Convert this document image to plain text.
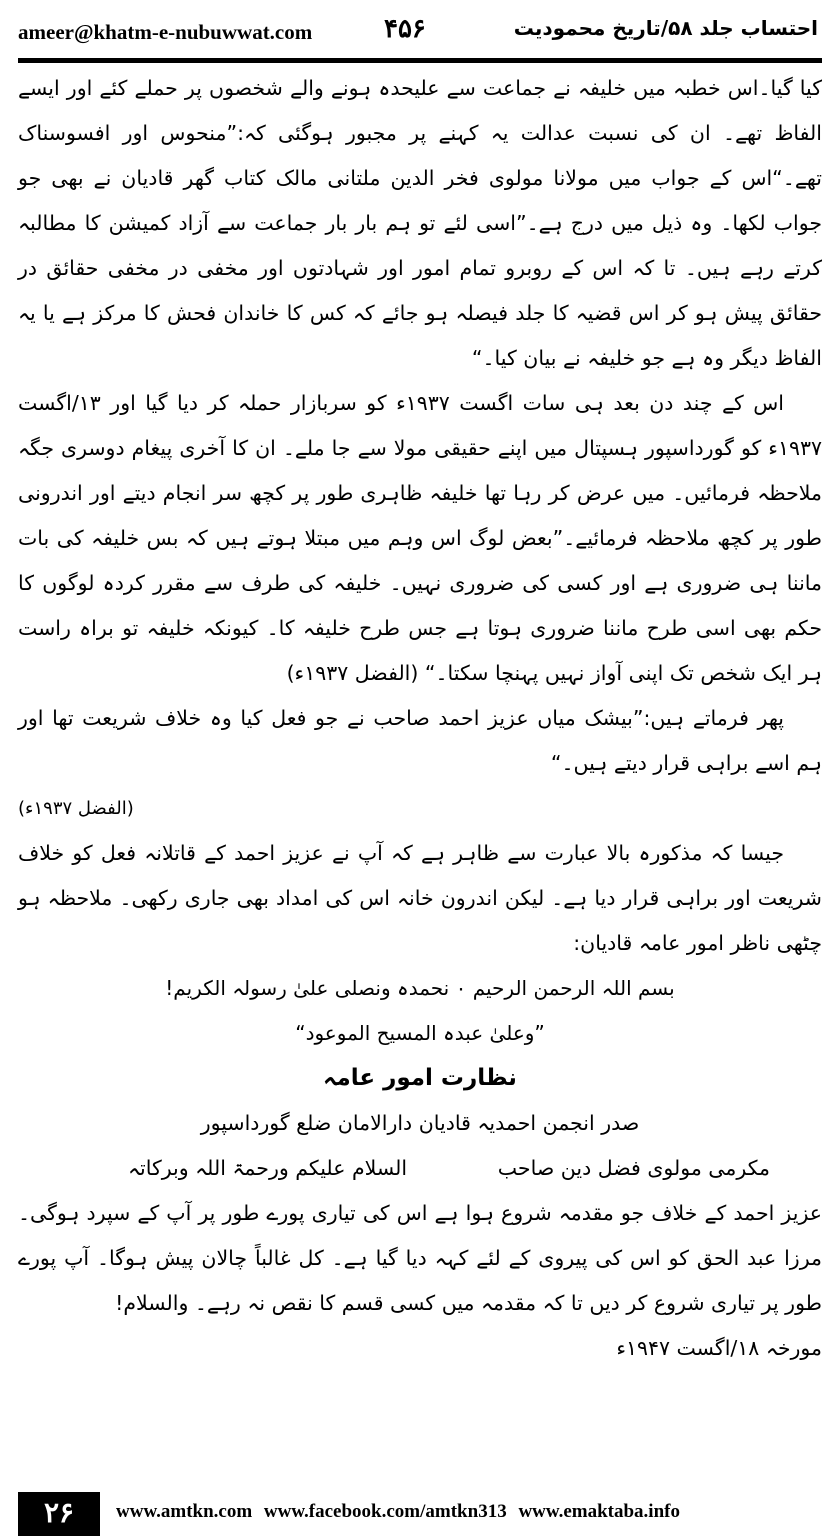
ameer@khatm-e-nubuwwat.com	۴۵۶	احتساب جلد ۵۸/تاریخ محمودیت

کیا گیا۔اس خطبہ میں خلیفہ نے جماعت سے علیحدہ ہونے والے شخصوں پر حملے کئے اور ایسے الفاظ تھے۔ ان کی نسبت عدالت یہ کہنے پر مجبور ہوگئی کہ:”منحوس اور افسوسناک تھے۔“اس کے جواب میں مولانا مولوی فخر الدین ملتانی مالک کتاب گھر قادیان نے بھی جو جواب لکھا۔ وہ ذیل میں درج ہے۔”اسی لئے تو ہم بار بار جماعت سے آزاد کمیشن کا مطالبہ کرتے رہے ہیں۔ تا کہ اس کے روبرو تمام امور اور شہادتوں اور مخفی در مخفی حقائق در حقائق پیش ہو کر اس قضیہ کا جلد فیصلہ ہو جائے کہ کس کا خاندان فحش کا مرکز ہے یا یہ الفاظ دیگر وہ ہے جو خلیفہ نے بیان کیا۔“

اس کے چند دن بعد ہی سات اگست ۱۹۳۷ء کو سربازار حملہ کر دیا گیا اور ۱۳/اگست ۱۹۳۷ء کو گورداسپور ہسپتال میں اپنے حقیقی مولا سے جا ملے۔ ان کا آخری پیغام دوسری جگہ ملاحظہ فرمائیں۔ میں عرض کر رہا تھا خلیفہ ظاہری طور پر کچھ سر انجام دیتے اور اندرونی طور پر کچھ ملاحظہ فرمائیے۔”بعض لوگ اس وہم میں مبتلا ہوتے ہیں کہ بس خلیفہ کی بات ماننا ہی ضروری ہے اور کسی کی ضروری نہیں۔ خلیفہ کی طرف سے مقرر کردہ لوگوں کا حکم بھی اسی طرح ماننا ضروری ہوتا ہے جس طرح خلیفہ کا۔ کیونکہ خلیفہ تو براہ راست ہر ایک شخص تک اپنی آواز نہیں پہنچا سکتا۔“ (الفضل ۱۹۳۷ء)

پھر فرماتے ہیں:”بیشک میاں عزیز احمد صاحب نے جو فعل کیا وہ خلاف شریعت تھا اور ہم اسے براہی قرار دیتے ہیں۔“

(الفضل ۱۹۳۷ء)

جیسا کہ مذکورہ بالا عبارت سے ظاہر ہے کہ آپ نے عزیز احمد کے قاتلانہ فعل کو خلاف شریعت اور براہی قرار دیا ہے۔ لیکن اندرون خانہ اس کی امداد بھی جاری رکھی۔ ملاحظہ ہو چٹھی ناظر امور عامہ قادیان:

بسم اللہ الرحمن الرحیم ۰ نحمدہ ونصلی علیٰ رسولہ الکریم!
”وعلیٰ عبدہ المسیح الموعود“
نظارت امور عامہ
صدر انجمن احمدیہ قادیان دارالامان ضلع گورداسپور
مکرمی مولوی فضل دین صاحب
السلام علیکم ورحمۃ اللہ وبرکاتہ

عزیز احمد کے خلاف جو مقدمہ شروع ہوا ہے اس کی تیاری پورے طور پر آپ کے سپرد ہوگی۔ مرزا عبد الحق کو اس کی پیروی کے لئے کہہ دیا گیا ہے۔ کل غالباً چالان پیش ہوگا۔ آپ پورے طور پر تیاری شروع کر دیں تا کہ مقدمہ میں کسی قسم کا نقص نہ رہے۔ والسلام!

مورخہ ۱۸/اگست ۱۹۴۷ء

۲۶	www.amtkn.com www.facebook.com/amtkn313 www.emaktaba.info
